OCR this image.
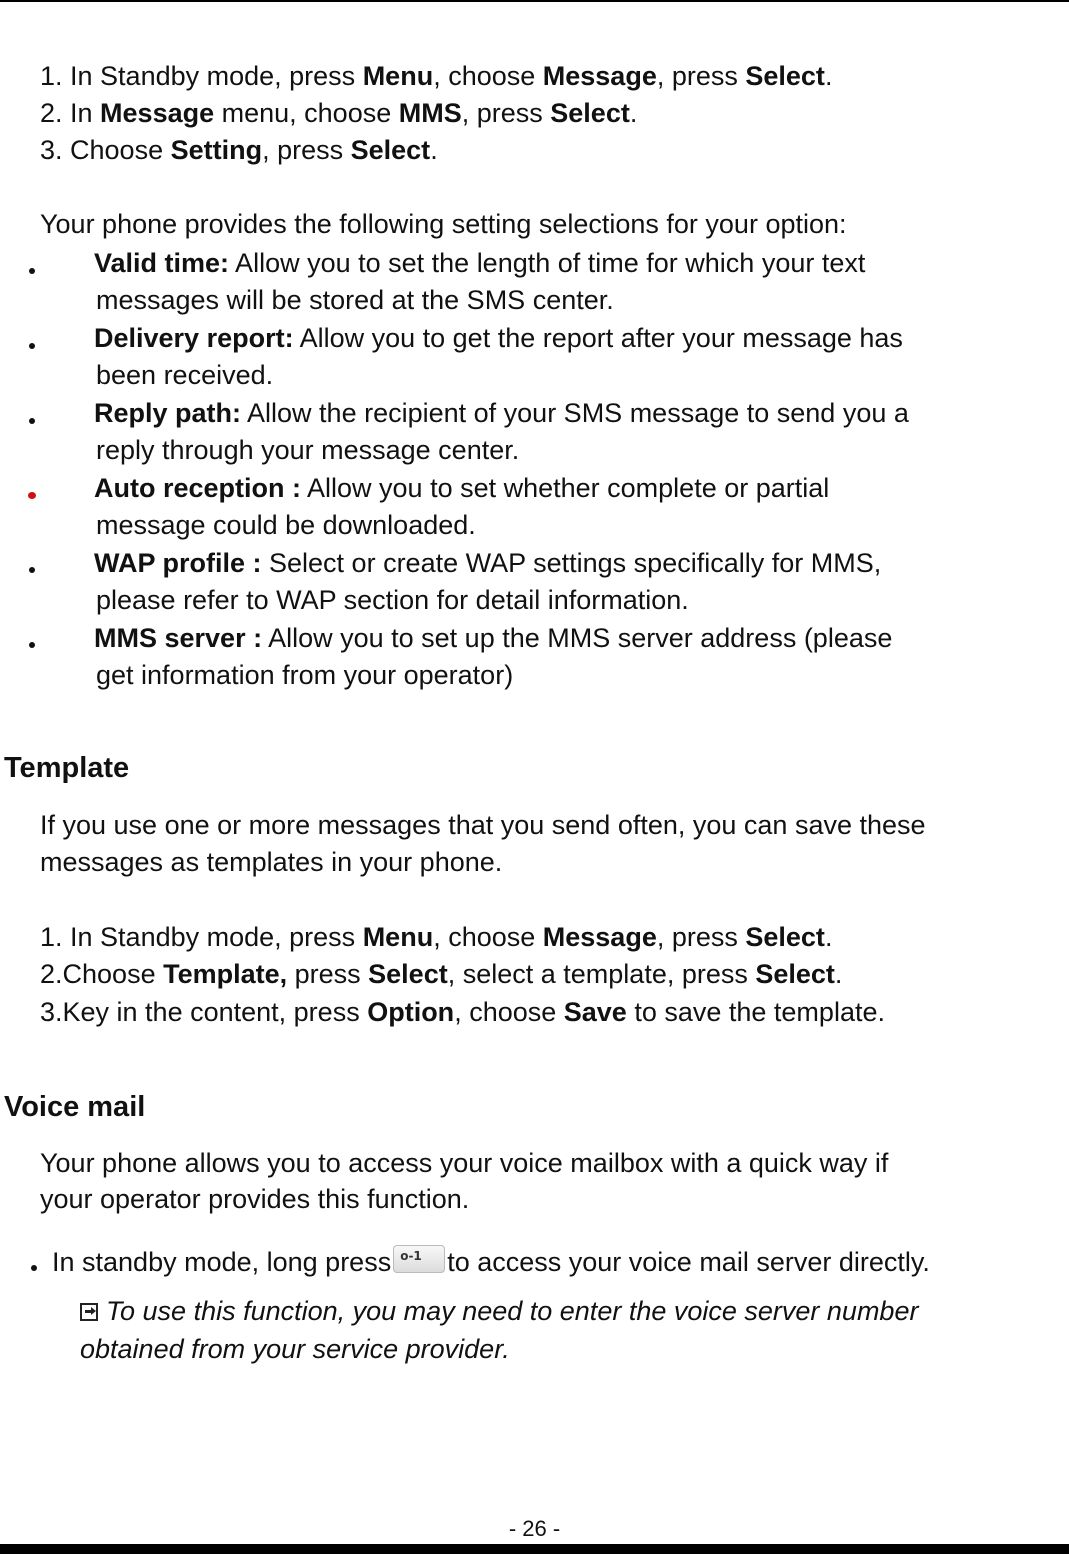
1. In Standby mode, press Menu, choose Message, press Select.
2. In Message menu, choose MMS, press Select.
3. Choose Setting, press Select.
Your phone provides the following setting selections for your option:
Valid time: Allow you to set the length of time for which your text
messages will be stored at the SMS center.
Delivery report: Allow you to get the report after your message has
been received.
Reply path: Allow the recipient of your SMS message to send you a
reply through your message center.
Auto reception : Allow you to set whether complete or partial
message could be downloaded.
WAP profile : Select or create WAP settings specifically for MMS,
please refer to WAP section for detail information.
MMS server : Allow you to set up the MMS server address (please
get information from your operator)
Template
If you use one or more messages that you send often, you can save these
messages as templates in your phone.
1. In Standby mode, press Menu, choose Message, press Select.
2.Choose Template, press Select, select a template, press Select.
3.Key in the content, press Option, choose Save to save the template.
Voice mail
Your phone allows you to access your voice mailbox with a quick way if
your operator provides this function.
In standby mode, long press o-1 to access your voice mail server directly.
To use this function, you may need to enter the voice server number
obtained from your service provider.
- 26 -
